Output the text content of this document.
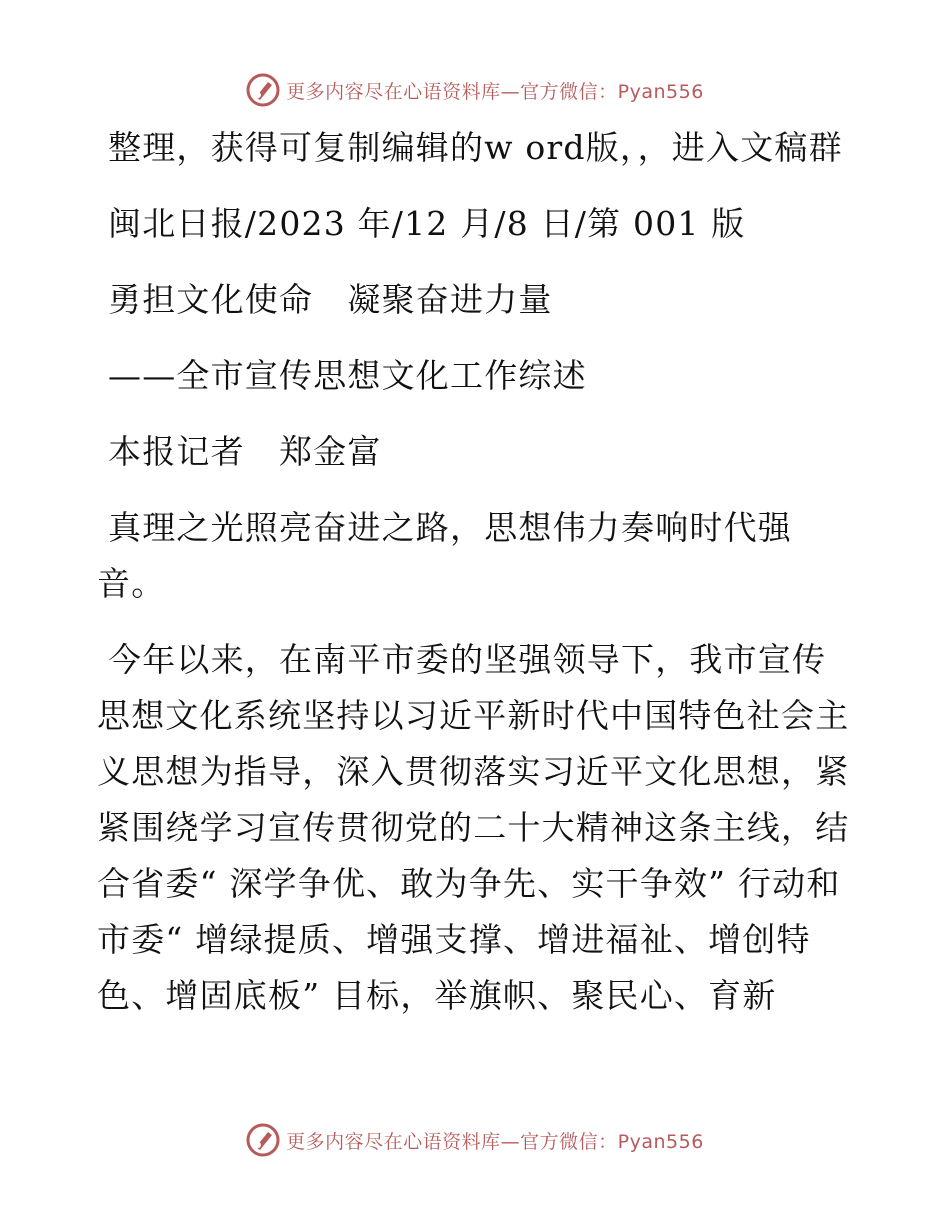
更多内容尽在心语资料库—官方微信：Pyan556

整理，获得可复制编辑的w ord版，，进入文稿群

闽北日报/2023 年/12 月/8 日/第 001 版

勇担文化使命　凝聚奋进力量

——全市宣传思想文化工作综述

本报记者　郑金富

真理之光照亮奋进之路，思想伟力奏响时代强音。

今年以来，在南平市委的坚强领导下，我市宣传思想文化系统坚持以习近平新时代中国特色社会主义思想为指导，深入贯彻落实习近平文化思想，紧紧围绕学习宣传贯彻党的二十大精神这条主线，结合省委“ 深学争优、敢为争先、实干争效” 行动和市委“ 增绿提质、增强支撑、增进福祉、增创特色、增固底板” 目标，举旗帜、聚民心、育新

更多内容尽在心语资料库—官方微信：Pyan556
